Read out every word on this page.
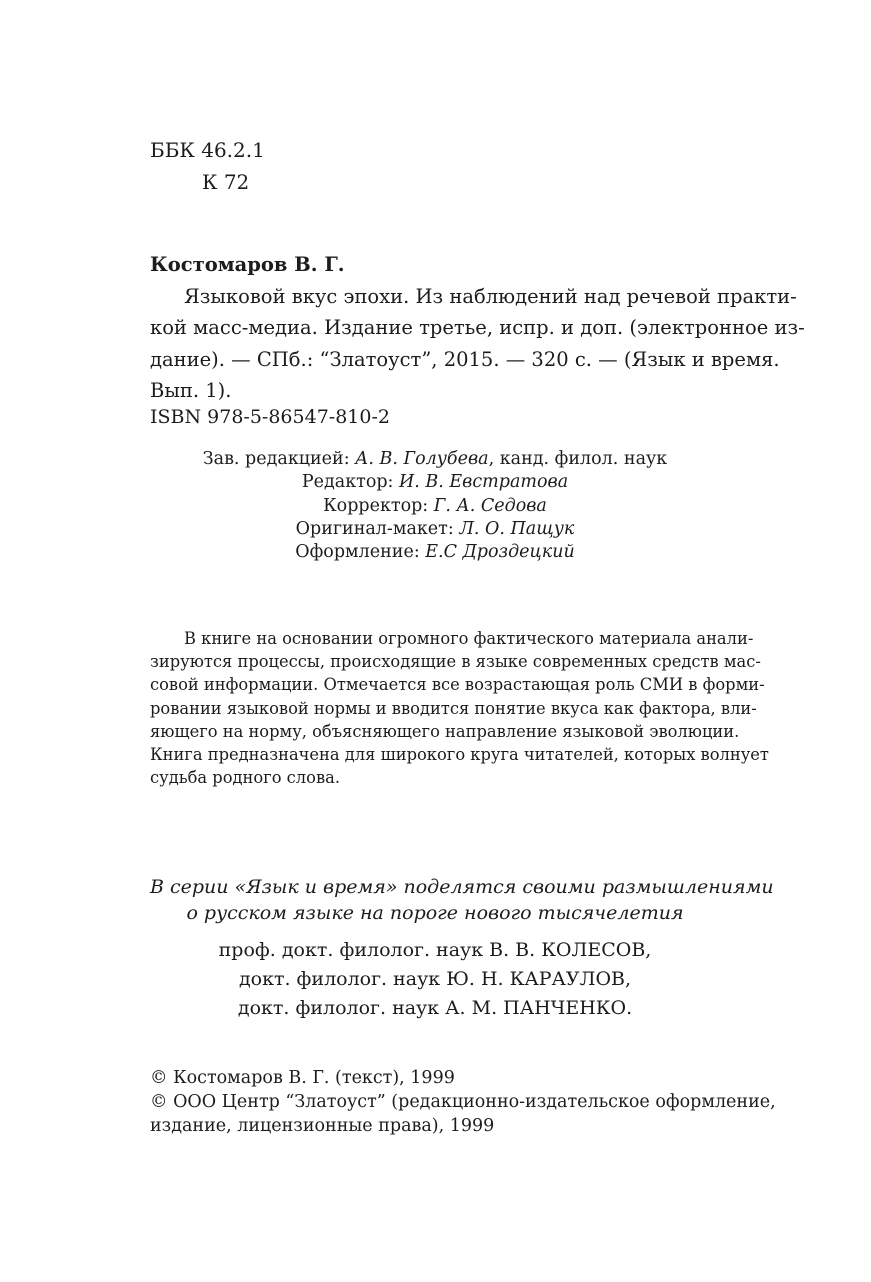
ББК 46.2.1
К 72
Костомаров В. Г.
Языковой вкус эпохи. Из наблюдений над речевой практи-
кой масс-медиа. Издание третье, испр. и доп. (электронное из-
дание). — СПб.: “Златоуст”, 2015. — 320 с. — (Язык и время.
Вып. 1).
ISBN 978-5-86547-810-2
Зав. редакцией: А. В. Голубева, канд. филол. наук
Редактор: И. В. Евстратова
Корректор: Г. А. Седова
Оригинал-макет: Л. О. Пащук
Оформление: Е.С Дроздецкий
В книге на основании огромного фактического материала анали-
зируются процессы, происходящие в языке современных средств мас-
совой информации. Отмечается все возрастающая роль СМИ в форми-
ровании языковой нормы и вводится понятие вкуса как фактора, вли-
яющего на норму, объясняющего направление языковой эволюции.
Книга предназначена для широкого круга читателей, которых волнует
судьба родного слова.
В серии «Язык и время» поделятся своими размышлениями
о русском языке на пороге нового тысячелетия
проф. докт. филолог. наук В. В. КОЛЕСОВ,
докт. филолог. наук Ю. Н. КАРАУЛОВ,
докт. филолог. наук А. М. ПАНЧЕНКО.
© Костомаров В. Г. (текст), 1999
© ООО Центр “Златоуст” (редакционно-издательское оформление,
издание, лицензионные права), 1999
